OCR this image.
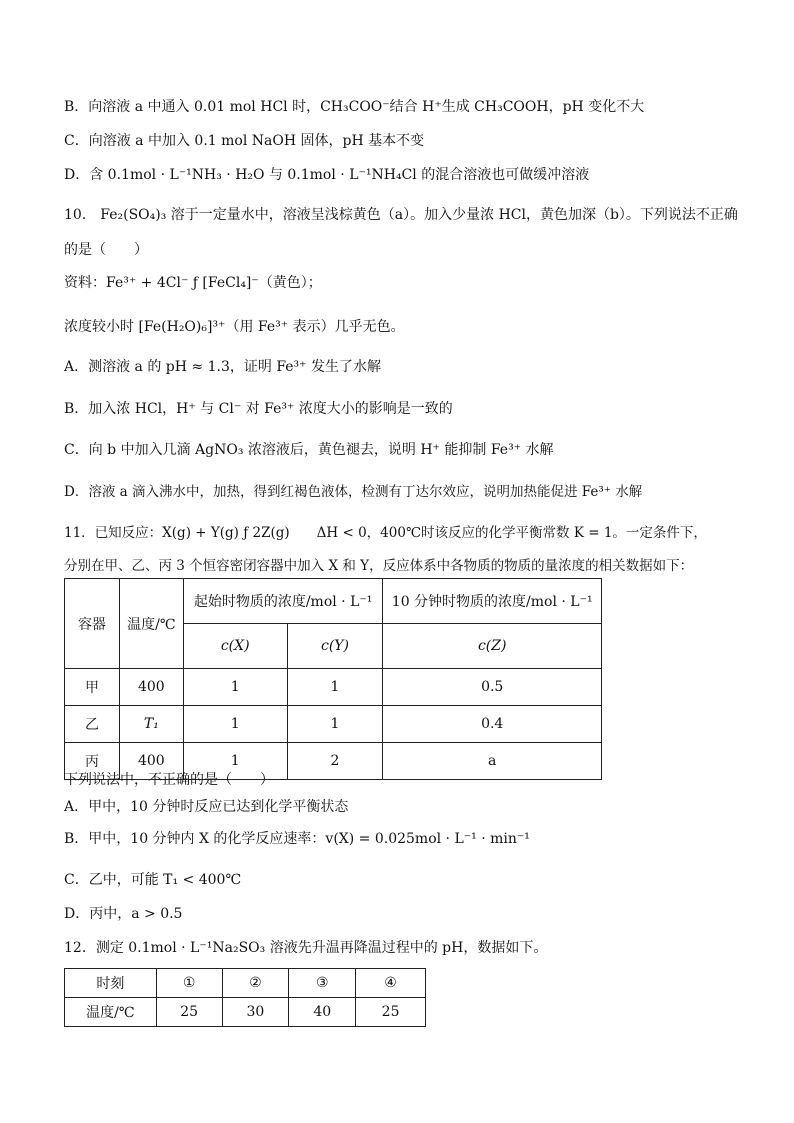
B．向溶液 a 中通入 0.01 mol HCl 时，CH₃COO⁻结合 H⁺生成 CH₃COOH，pH 变化不大
C．向溶液 a 中加入 0.1 mol NaOH 固体，pH 基本不变
D．含 0.1mol · L⁻¹NH₃ · H₂O 与 0.1mol · L⁻¹NH₄Cl 的混合溶液也可做缓冲溶液
10． Fe₂(SO₄)₃ 溶于一定量水中，溶液呈浅棕黄色（a）。加入少量浓 HCl，黄色加深（b）。下列说法不正确
的是（　　）
资料：Fe³⁺ + 4Cl⁻ ƒ [FeCl₄]⁻（黄色）；
浓度较小时 [Fe(H₂O)₆]³⁺（用 Fe³⁺ 表示）几乎无色。
A．测溶液 a 的 pH ≈ 1.3，证明 Fe³⁺ 发生了水解
B．加入浓 HCl，H⁺ 与 Cl⁻ 对 Fe³⁺ 浓度大小的影响是一致的
C．向 b 中加入几滴 AgNO₃ 浓溶液后，黄色褪去，说明 H⁺ 能抑制 Fe³⁺ 水解
D．溶液 a 滴入沸水中，加热，得到红褐色液体，检测有丁达尔效应，说明加热能促进 Fe³⁺ 水解
11．已知反应：X(g) + Y(g) ƒ 2Z(g)　　ΔH < 0，400℃时该反应的化学平衡常数 K = 1。一定条件下，
分别在甲、乙、丙 3 个恒容密闭容器中加入 X 和 Y，反应体系中各物质的物质的量浓度的相关数据如下：
容器	温度/℃	起始时物质的浓度/mol · L⁻¹		10 分钟时物质的浓度/mol · L⁻¹
		c(X)	c(Y)	c(Z)
甲	400	1	1	0.5
乙	T₁	1	1	0.4
丙	400	1	2	a
下列说法中，不正确的是（　　）
A．甲中，10 分钟时反应已达到化学平衡状态
B．甲中，10 分钟内 X 的化学反应速率：v(X) = 0.025mol · L⁻¹ · min⁻¹
C．乙中，可能 T₁ < 400℃
D．丙中，a > 0.5
12．测定 0.1mol · L⁻¹Na₂SO₃ 溶液先升温再降温过程中的 pH，数据如下。
时刻	①	②	③	④
温度/℃	25	30	40	25
